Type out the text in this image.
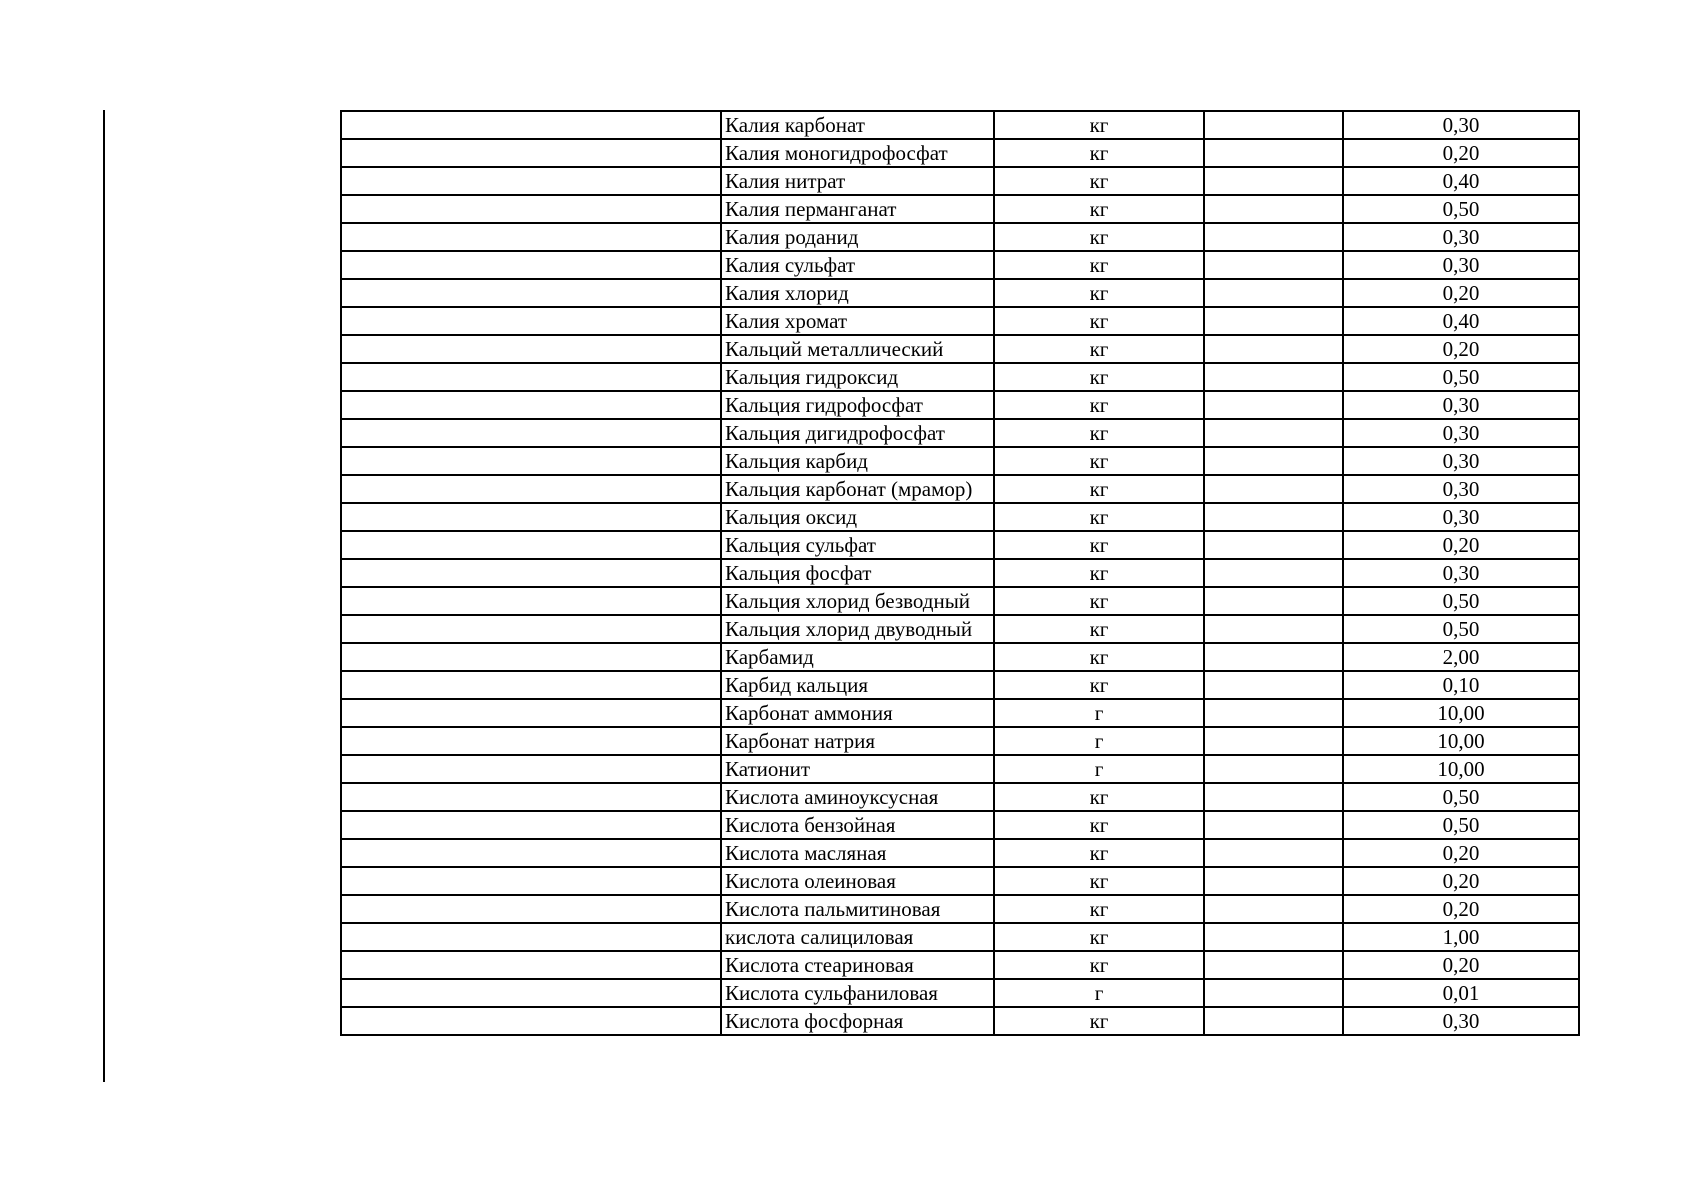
	Калия карбонат	кг		0,30
	Калия моногидрофосфат	кг		0,20
	Калия нитрат	кг		0,40
	Калия перманганат	кг		0,50
	Калия роданид	кг		0,30
	Калия сульфат	кг		0,30
	Калия хлорид	кг		0,20
	Калия хромат	кг		0,40
	Кальций металлический	кг		0,20
	Кальция гидроксид	кг		0,50
	Кальция гидрофосфат	кг		0,30
	Кальция дигидрофосфат	кг		0,30
	Кальция карбид	кг		0,30
	Кальция карбонат (мрамор)	кг		0,30
	Кальция оксид	кг		0,30
	Кальция сульфат	кг		0,20
	Кальция фосфат	кг		0,30
	Кальция хлорид безводный	кг		0,50
	Кальция хлорид двуводный	кг		0,50
	Карбамид	кг		2,00
	Карбид кальция	кг		0,10
	Карбонат аммония	г		10,00
	Карбонат натрия	г		10,00
	Катионит	г		10,00
	Кислота аминоуксусная	кг		0,50
	Кислота бензойная	кг		0,50
	Кислота масляная	кг		0,20
	Кислота олеиновая	кг		0,20
	Кислота пальмитиновая	кг		0,20
	кислота салициловая	кг		1,00
	Кислота стеариновая	кг		0,20
	Кислота сульфаниловая	г		0,01
	Кислота фосфорная	кг		0,30
